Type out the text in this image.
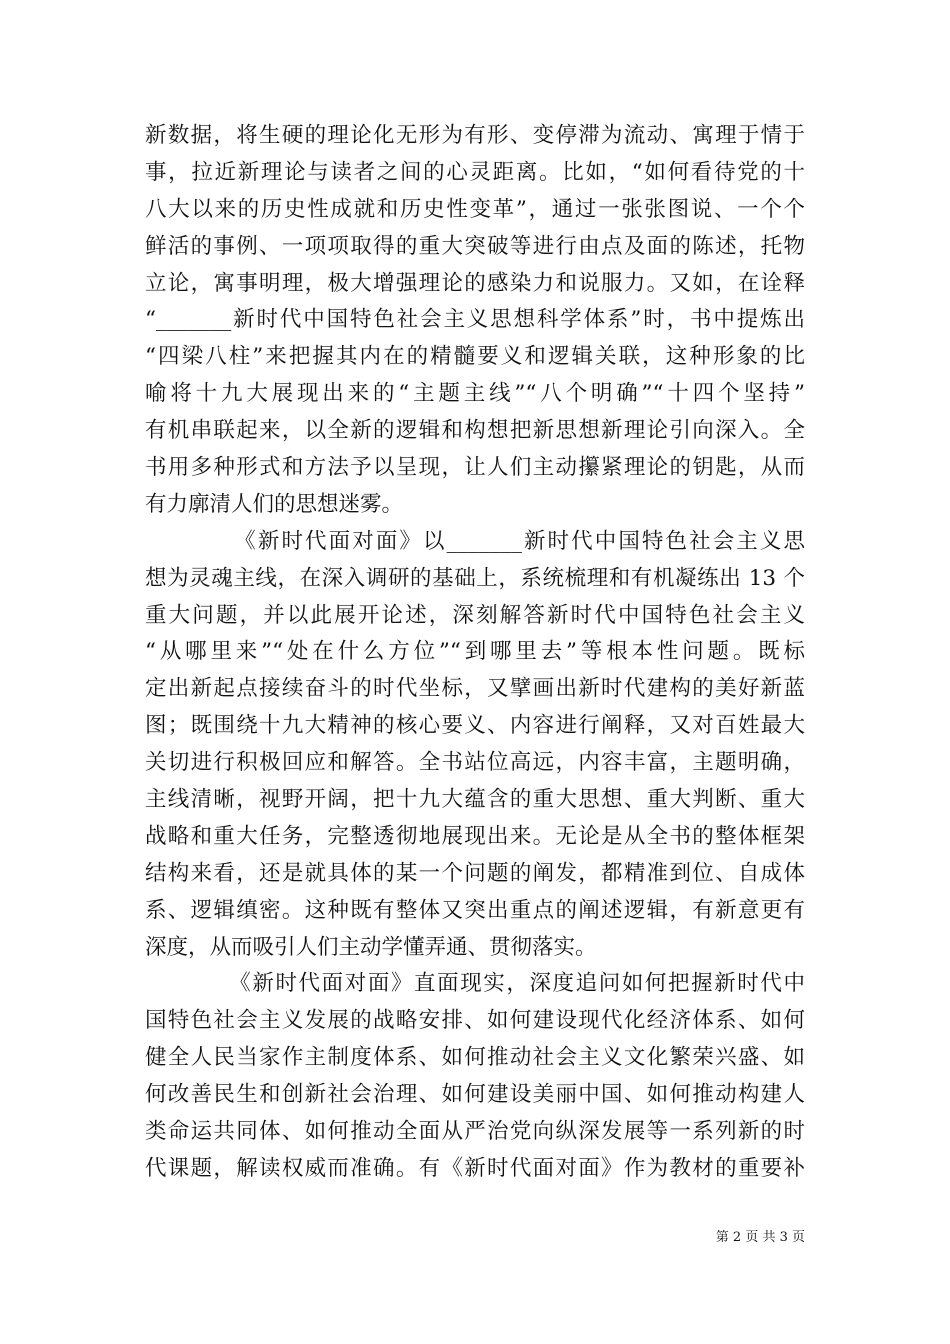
新数据，将生硬的理论化无形为有形、变停滞为流动、寓理于情于
事，拉近新理论与读者之间的心灵距离。比如，“如何看待党的十
八大以来的历史性成就和历史性变革”，通过一张张图说、一个个
鲜活的事例、一项项取得的重大突破等进行由点及面的陈述，托物
立论，寓事明理，极大增强理论的感染力和说服力。又如，在诠释
“_______新时代中国特色社会主义思想科学体系”时，书中提炼出
“四梁八柱”来把握其内在的精髓要义和逻辑关联，这种形象的比
喻将十九大展现出来的“主题主线”“八个明确”“十四个坚持”
有机串联起来，以全新的逻辑和构想把新思想新理论引向深入。全
书用多种形式和方法予以呈现，让人们主动攥紧理论的钥匙，从而
有力廓清人们的思想迷雾。
《新时代面对面》以_______新时代中国特色社会主义思
想为灵魂主线，在深入调研的基础上，系统梳理和有机凝练出 13 个
重大问题，并以此展开论述，深刻解答新时代中国特色社会主义
“从哪里来”“处在什么方位”“到哪里去”等根本性问题。既标
定出新起点接续奋斗的时代坐标，又擘画出新时代建构的美好新蓝
图；既围绕十九大精神的核心要义、内容进行阐释，又对百姓最大
关切进行积极回应和解答。全书站位高远，内容丰富，主题明确，
主线清晰，视野开阔，把十九大蕴含的重大思想、重大判断、重大
战略和重大任务，完整透彻地展现出来。无论是从全书的整体框架
结构来看，还是就具体的某一个问题的阐发，都精准到位、自成体
系、逻辑缜密。这种既有整体又突出重点的阐述逻辑，有新意更有
深度，从而吸引人们主动学懂弄通、贯彻落实。
《新时代面对面》直面现实，深度追问如何把握新时代中
国特色社会主义发展的战略安排、如何建设现代化经济体系、如何
健全人民当家作主制度体系、如何推动社会主义文化繁荣兴盛、如
何改善民生和创新社会治理、如何建设美丽中国、如何推动构建人
类命运共同体、如何推动全面从严治党向纵深发展等一系列新的时
代课题，解读权威而准确。有《新时代面对面》作为教材的重要补
第 2 页 共 3 页
